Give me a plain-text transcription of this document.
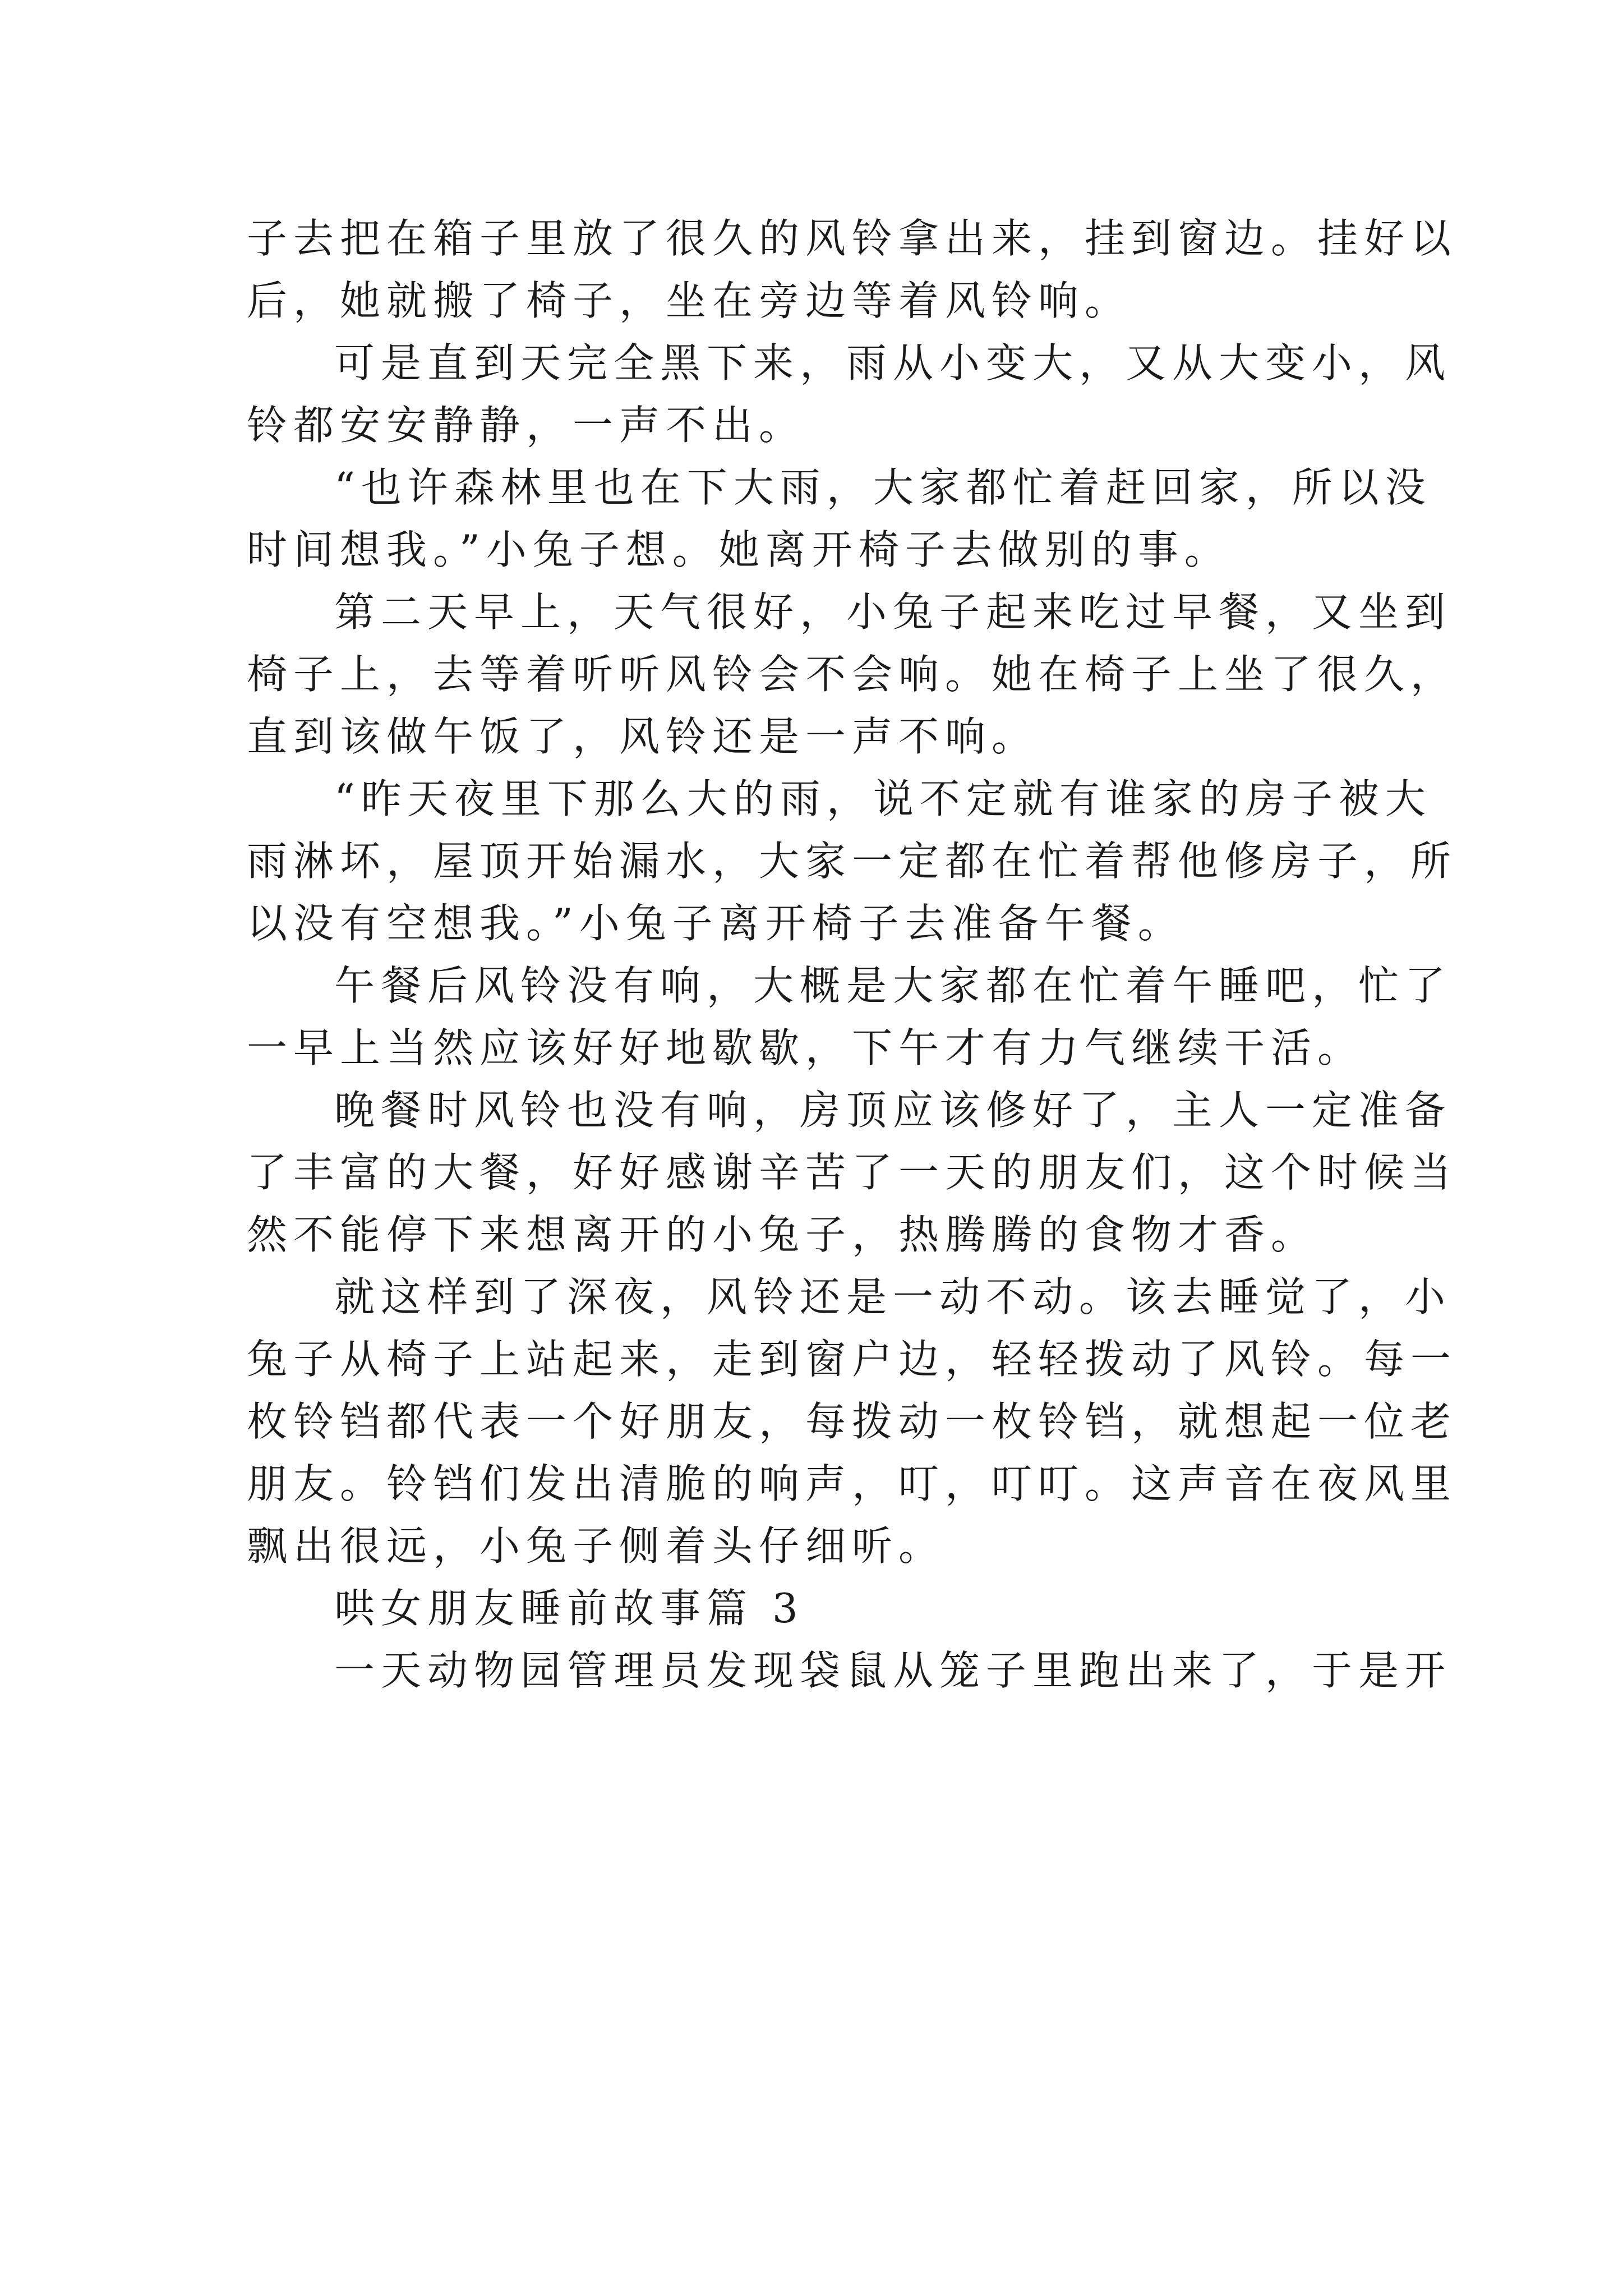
子去把在箱子里放了很久的风铃拿出来，挂到窗边。挂好以
后，她就搬了椅子，坐在旁边等着风铃响。
可是直到天完全黑下来，雨从小变大，又从大变小，风
铃都安安静静，一声不出。
“也许森林里也在下大雨，大家都忙着赶回家，所以没
时间想我。”小兔子想。她离开椅子去做别的事。
第二天早上，天气很好，小兔子起来吃过早餐，又坐到
椅子上，去等着听听风铃会不会响。她在椅子上坐了很久，
直到该做午饭了，风铃还是一声不响。
“昨天夜里下那么大的雨，说不定就有谁家的房子被大
雨淋坏，屋顶开始漏水，大家一定都在忙着帮他修房子，所
以没有空想我。”小兔子离开椅子去准备午餐。
午餐后风铃没有响，大概是大家都在忙着午睡吧，忙了
一早上当然应该好好地歇歇，下午才有力气继续干活。
晚餐时风铃也没有响，房顶应该修好了，主人一定准备
了丰富的大餐，好好感谢辛苦了一天的朋友们，这个时候当
然不能停下来想离开的小兔子，热腾腾的食物才香。
就这样到了深夜，风铃还是一动不动。该去睡觉了，小
兔子从椅子上站起来，走到窗户边，轻轻拨动了风铃。每一
枚铃铛都代表一个好朋友，每拨动一枚铃铛，就想起一位老
朋友。铃铛们发出清脆的响声，叮，叮叮。这声音在夜风里
飘出很远，小兔子侧着头仔细听。
哄女朋友睡前故事篇 3
一天动物园管理员发现袋鼠从笼子里跑出来了，于是开
